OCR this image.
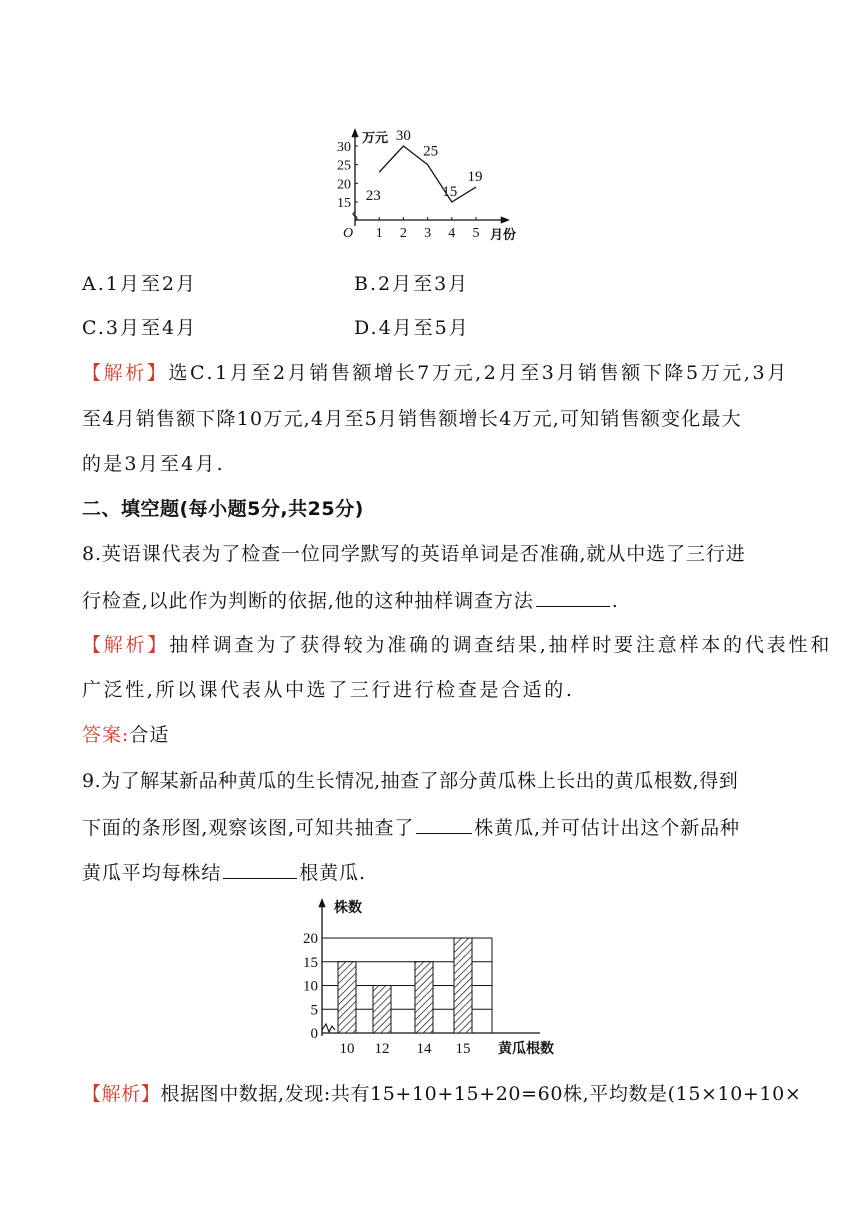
万元
月份
O
30
25
20
15
1 2 3 4 5
23
30
25
15
19
A.1月至2月	B.2月至3月
C.3月至4月	D.4月至5月
【解析】选C.1月至2月销售额增长7万元,2月至3月销售额下降5万元,3月
至4月销售额下降10万元,4月至5月销售额增长4万元,可知销售额变化最大
的是3月至4月.
二、填空题(每小题5分,共25分)
8.英语课代表为了检查一位同学默写的英语单词是否准确,就从中选了三行进
行检查,以此作为判断的依据,他的这种抽样调查方法	.
【解析】抽样调查为了获得较为准确的调查结果,抽样时要注意样本的代表性和
广泛性,所以课代表从中选了三行进行检查是合适的.
答案:合适
9.为了解某新品种黄瓜的生长情况,抽查了部分黄瓜株上长出的黄瓜根数,得到
下面的条形图,观察该图,可知共抽查了	株黄瓜,并可估计出这个新品种
黄瓜平均每株结	根黄瓜.
株数
黄瓜根数
20
15
10
5
0
10 12 14 15
【解析】根据图中数据,发现:共有15+10+15+20=60株,平均数是(15×10+10×
